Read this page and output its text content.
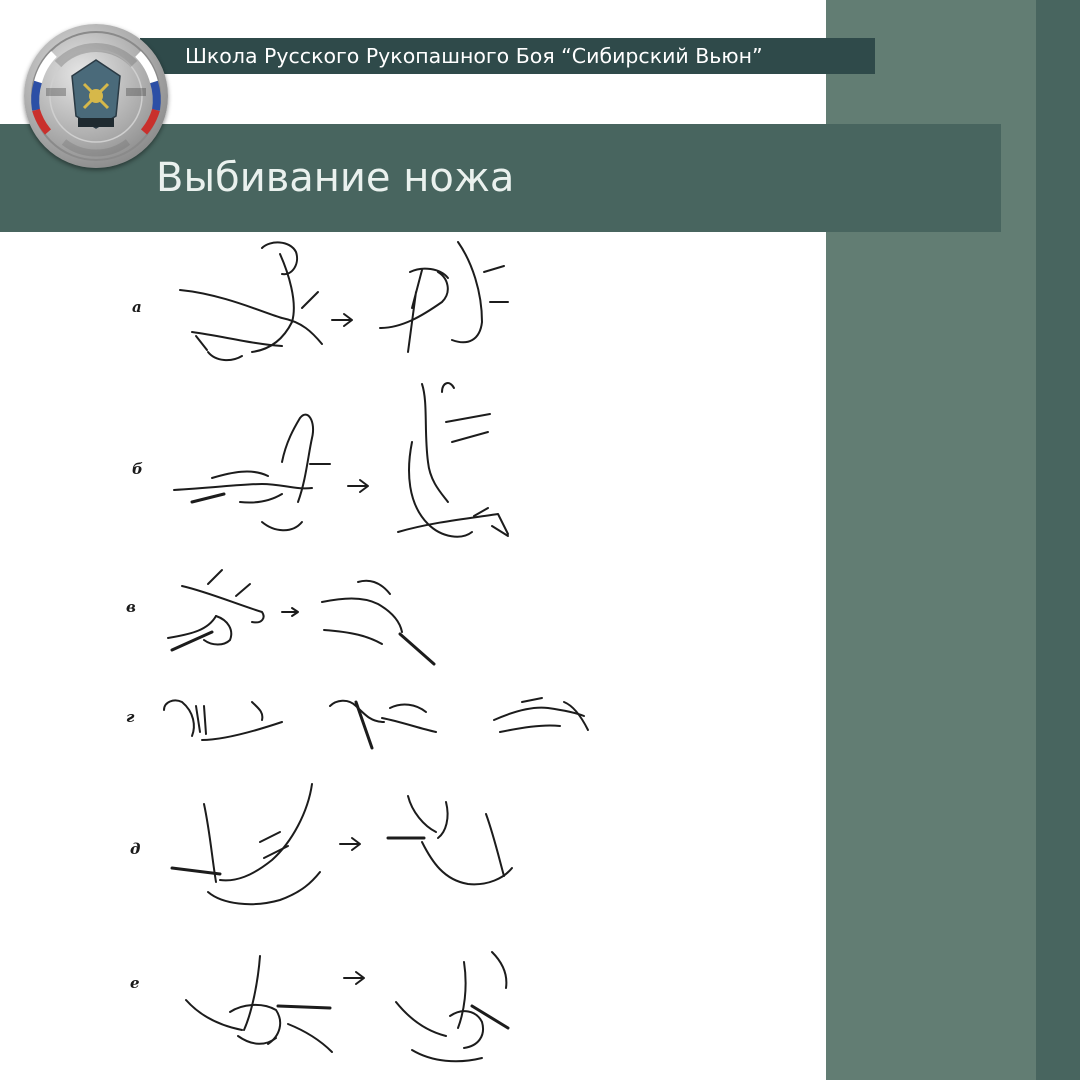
Выбивание ножа
Школа Русского Рукопашного Боя “Сибирский Вьюн”
а
б
в
г
д
е
